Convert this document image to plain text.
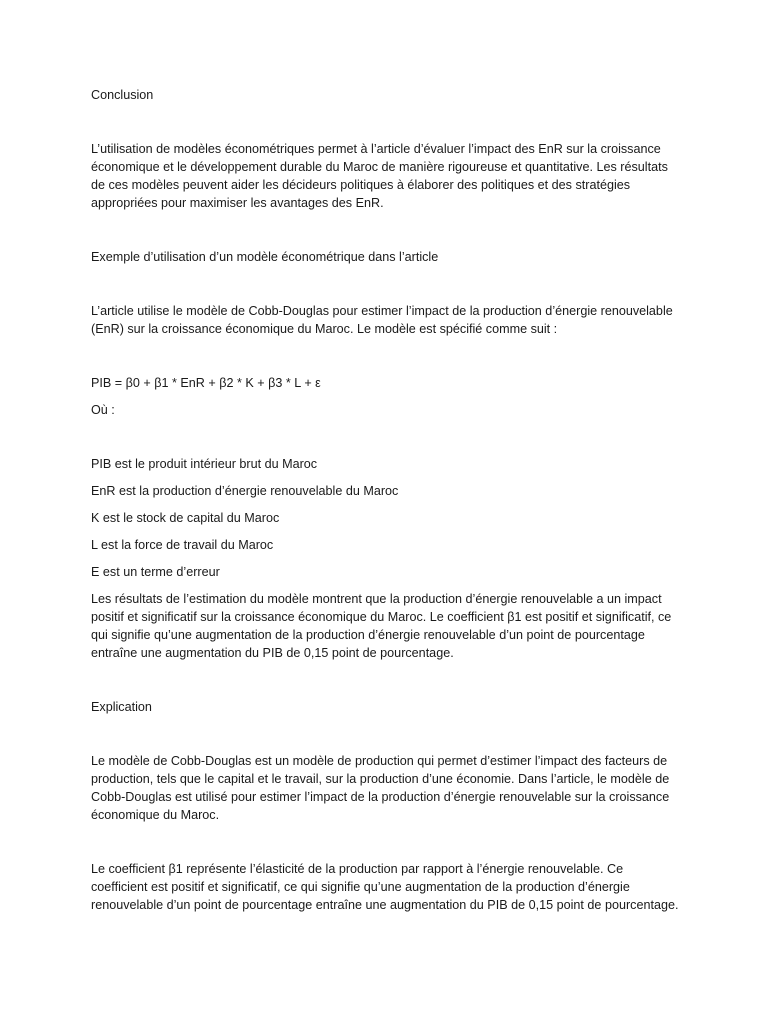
Conclusion

L’utilisation de modèles économétriques permet à l’article d’évaluer l’impact des EnR sur la croissance économique et le développement durable du Maroc de manière rigoureuse et quantitative. Les résultats de ces modèles peuvent aider les décideurs politiques à élaborer des politiques et des stratégies appropriées pour maximiser les avantages des EnR.

Exemple d’utilisation d’un modèle économétrique dans l’article

L’article utilise le modèle de Cobb-Douglas pour estimer l’impact de la production d’énergie renouvelable (EnR) sur la croissance économique du Maroc. Le modèle est spécifié comme suit :

PIB = β0 + β1 * EnR + β2 * K + β3 * L + ε

Où :

PIB est le produit intérieur brut du Maroc

EnR est la production d’énergie renouvelable du Maroc

K est le stock de capital du Maroc

L est la force de travail du Maroc

E est un terme d’erreur

Les résultats de l’estimation du modèle montrent que la production d’énergie renouvelable a un impact positif et significatif sur la croissance économique du Maroc. Le coefficient β1 est positif et significatif, ce qui signifie qu’une augmentation de la production d’énergie renouvelable d’un point de pourcentage entraîne une augmentation du PIB de 0,15 point de pourcentage.

Explication

Le modèle de Cobb-Douglas est un modèle de production qui permet d’estimer l’impact des facteurs de production, tels que le capital et le travail, sur la production d’une économie. Dans l’article, le modèle de Cobb-Douglas est utilisé pour estimer l’impact de la production d’énergie renouvelable sur la croissance économique du Maroc.

Le coefficient β1 représente l’élasticité de la production par rapport à l’énergie renouvelable. Ce coefficient est positif et significatif, ce qui signifie qu’une augmentation de la production d’énergie renouvelable d’un point de pourcentage entraîne une augmentation du PIB de 0,15 point de pourcentage.
